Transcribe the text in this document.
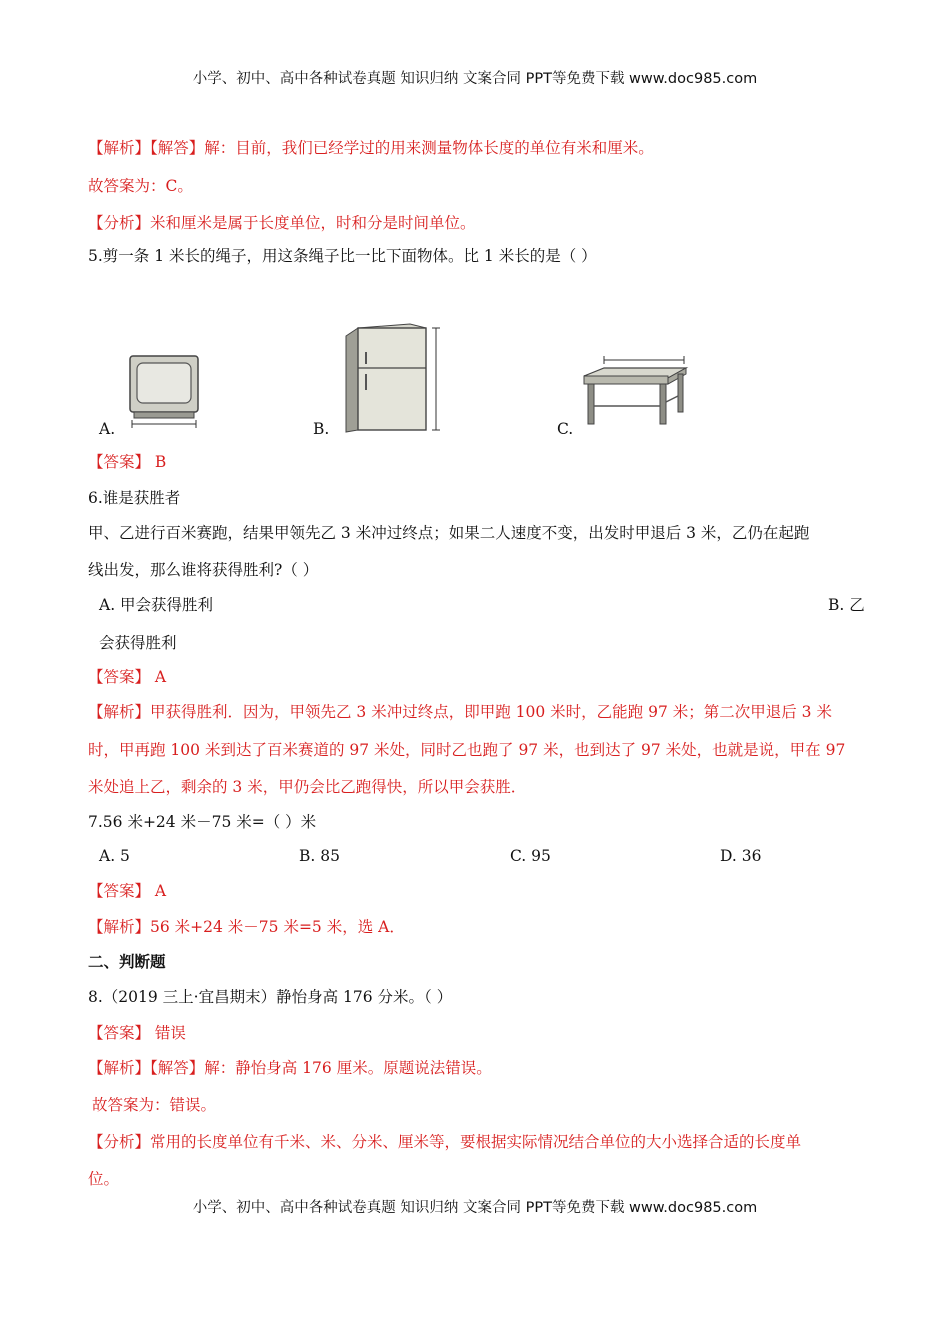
小学、初中、高中各种试卷真题 知识归纳 文案合同 PPT等免费下载 www.doc985.com
【解析】【解答】解：目前，我们已经学过的用来测量物体长度的单位有米和厘米。
故答案为：C。
【分析】米和厘米是属于长度单位，时和分是时间单位。
5.剪一条 1 米长的绳子，用这条绳子比一比下面物体。比 1 米长的是（ ）
A.	B.	C.
【答案】 B
6.谁是获胜者
甲、乙进行百米赛跑，结果甲领先乙 3 米冲过终点；如果二人速度不变，出发时甲退后 3 米，乙仍在起跑
线出发，那么谁将获得胜利?（ ）
A. 甲会获得胜利	B. 乙
会获得胜利
【答案】 A
【解析】甲获得胜利．因为，甲领先乙 3 米冲过终点，即甲跑 100 米时，乙能跑 97 米；第二次甲退后 3 米
时，甲再跑 100 米到达了百米赛道的 97 米处，同时乙也跑了 97 米，也到达了 97 米处，也就是说，甲在 97
米处追上乙，剩余的 3 米，甲仍会比乙跑得快，所以甲会获胜．
7.56 米+24 米－75 米=（ ）米
A. 5	B. 85	C. 95	D. 36
【答案】 A
【解析】56 米+24 米－75 米=5 米，选 A．
二、判断题
8.（2019 三上·宜昌期末）静怡身高 176 分米。（ ）
【答案】 错误
【解析】【解答】解：静怡身高 176 厘米。原题说法错误。
故答案为：错误。
【分析】常用的长度单位有千米、米、分米、厘米等，要根据实际情况结合单位的大小选择合适的长度单
位。
小学、初中、高中各种试卷真题 知识归纳 文案合同 PPT等免费下载 www.doc985.com
